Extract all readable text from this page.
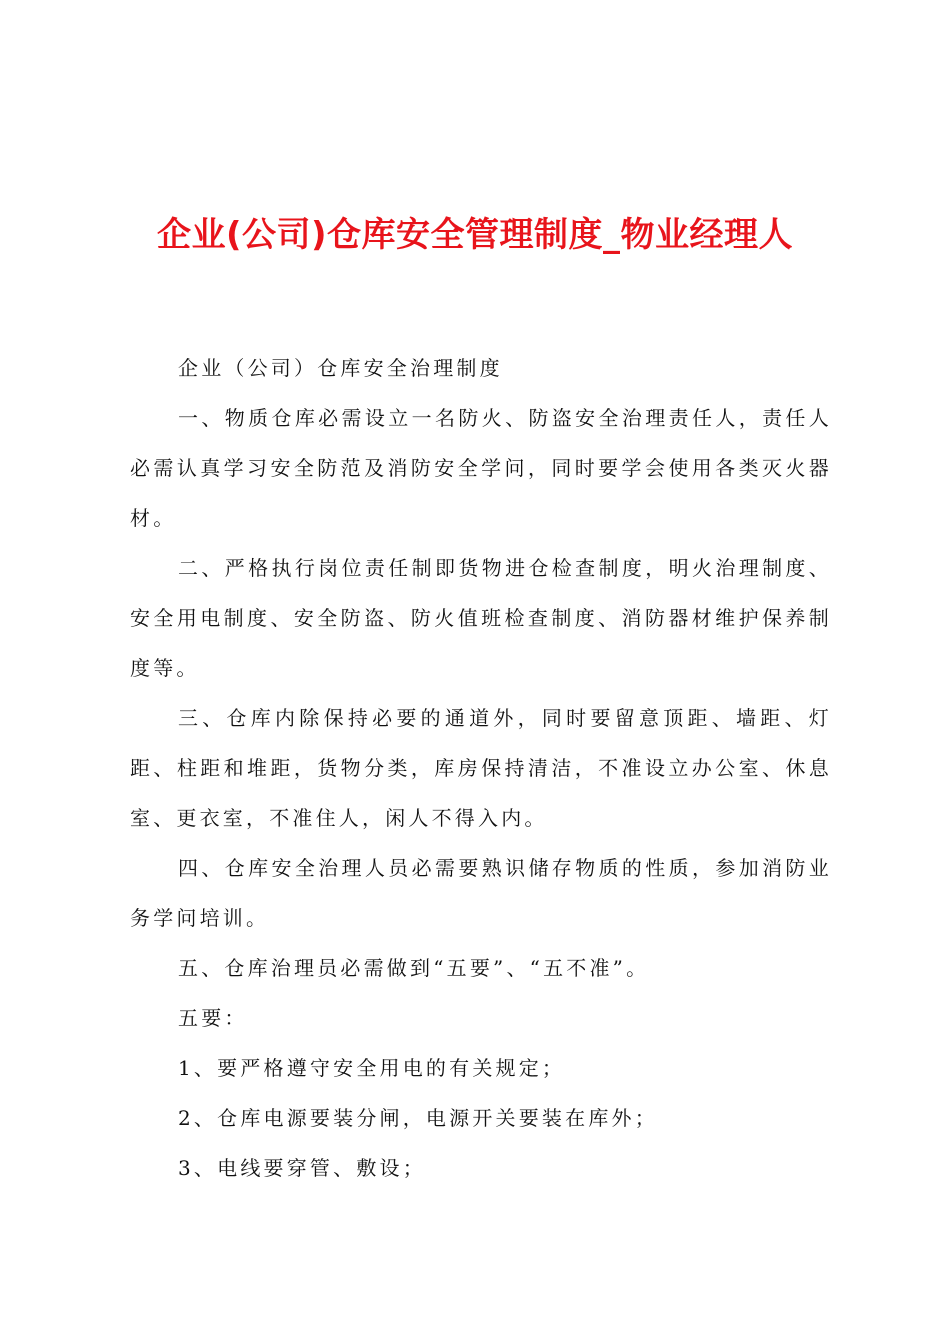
企业(公司)仓库安全管理制度_物业经理人

企业（公司）仓库安全治理制度

一、物质仓库必需设立一名防火、防盗安全治理责任人，责任人必需认真学习安全防范及消防安全学问，同时要学会使用各类灭火器材。

二、严格执行岗位责任制即货物进仓检查制度，明火治理制度、安全用电制度、安全防盗、防火值班检查制度、消防器材维护保养制度等。

三、仓库内除保持必要的通道外，同时要留意顶距、墙距、灯距、柱距和堆距，货物分类，库房保持清洁，不准设立办公室、休息室、更衣室，不准住人，闲人不得入内。

四、仓库安全治理人员必需要熟识储存物质的性质，参加消防业务学问培训。

五、仓库治理员必需做到“五要”、“五不准”。

五要：

1、要严格遵守安全用电的有关规定；

2、仓库电源要装分闸，电源开关要装在库外；

3、电线要穿管、敷设；
